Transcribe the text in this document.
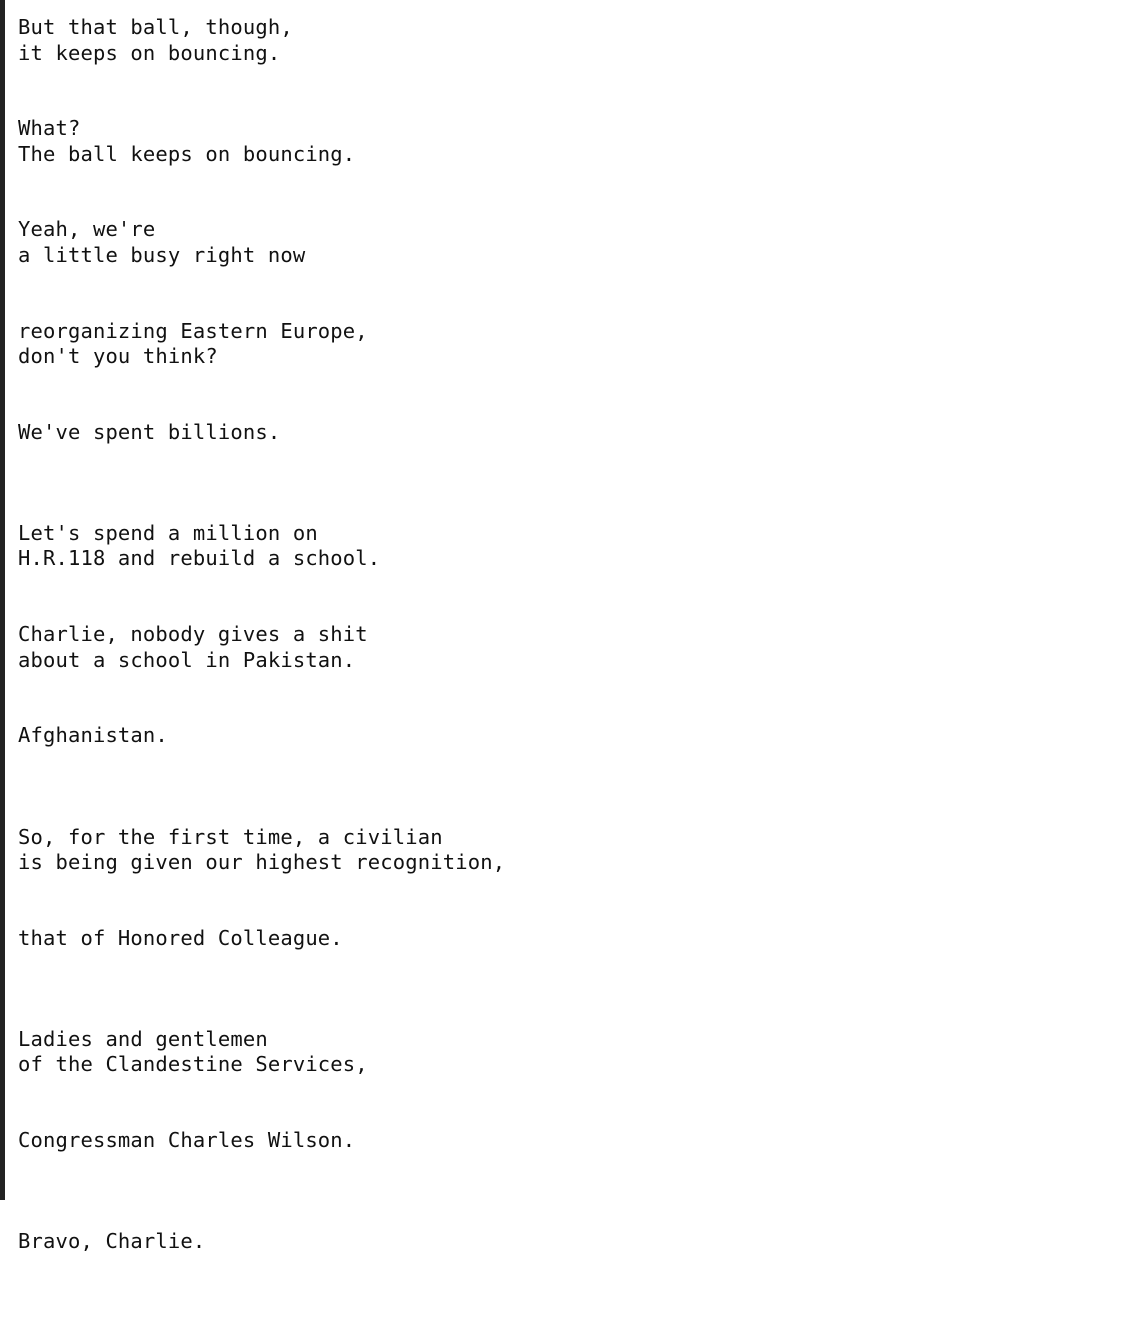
But that ball, though,
it keeps on bouncing.
What?
The ball keeps on bouncing.
Yeah, we're
a little busy right now
reorganizing Eastern Europe,
don't you think?
We've spent billions.
Let's spend a million on
H.R.118 and rebuild a school.
Charlie, nobody gives a shit
about a school in Pakistan.
Afghanistan.
So, for the first time, a civilian
is being given our highest recognition,
that of Honored Colleague.
Ladies and gentlemen
of the Clandestine Services,
Congressman Charles Wilson.
Bravo, Charlie.
